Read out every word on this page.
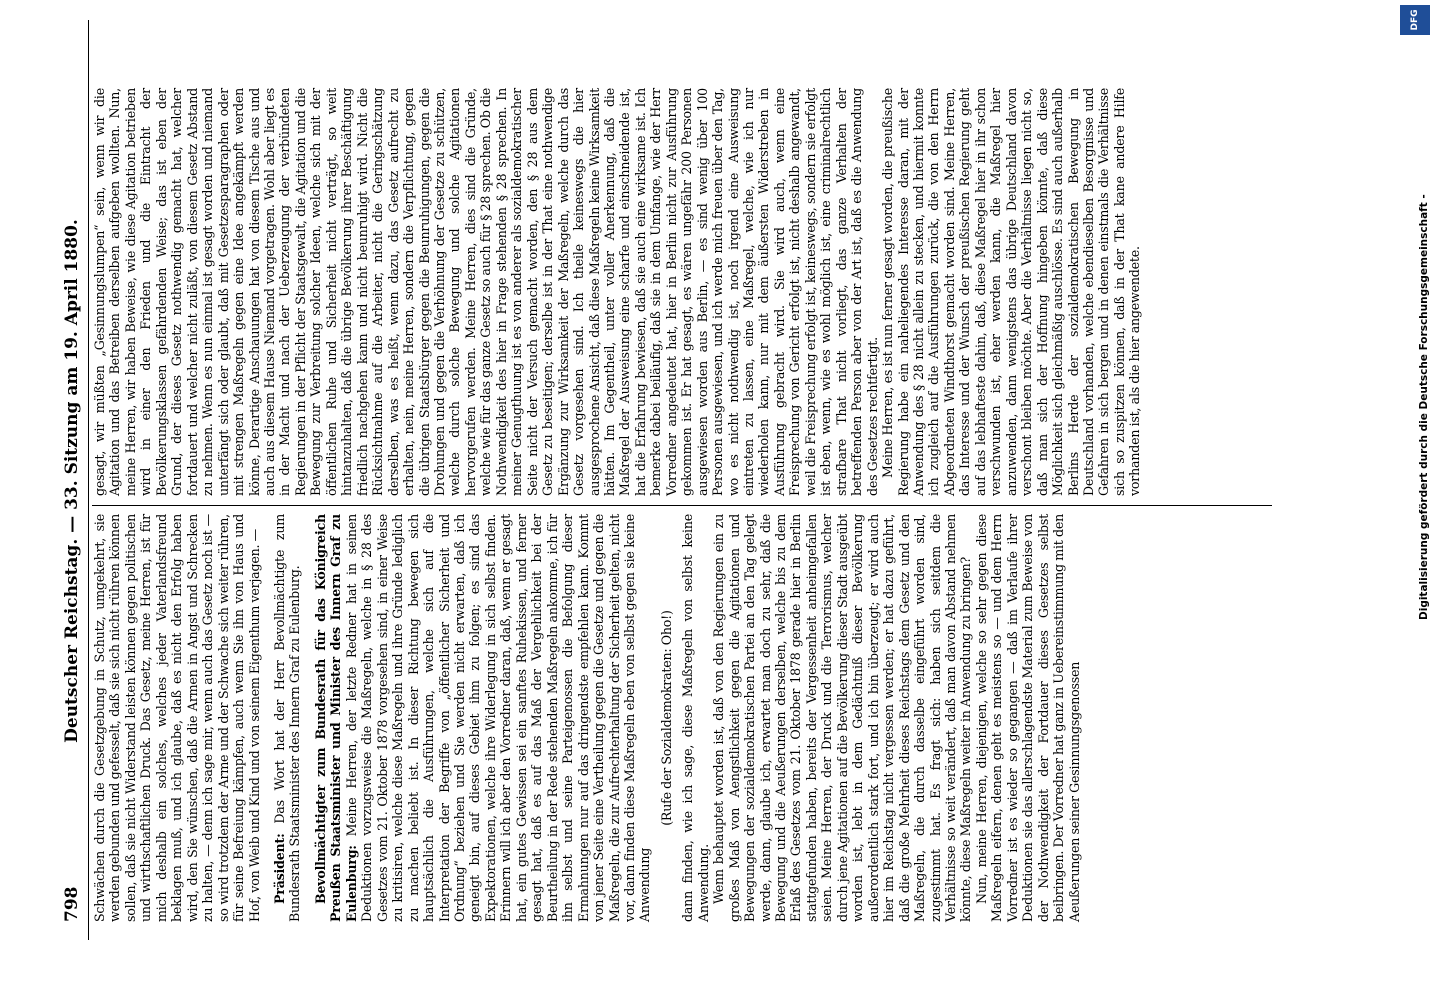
798
Deutscher Reichstag. — 33. Sitzung am 19. April 1880. Schwächen durch die Gesetzgebung in Schutz, umgekehrt, sie werden gebunden und gefesselt, daß sie sich nicht rühren können sollen, daß sie nicht Widerstand leisten können gegen politischen und wirthschaftlichen Druck. Das Gesetz, meine Herren, ist für mich deshalb ein solches, welches jeder Vaterlandsfreund beklagen muß, und ich glaube, daß es nicht den Erfolg haben wird, den Sie wünschen, daß die Armen in Angst und Schrecken zu halten, — denn ich sage mir, wenn auch das Gesetz noch ist — so wird trotzdem der Arme und der Schwache sich weiter rühren, für seine Befreiung kämpfen, auch wenn Sie ihn von Haus und Hof, von Weib und Kind und von seinem Eigenthum verjagen. — Präsident: Das Wort hat der Herr Bevollmächtigte zum Bundesrath Staatsminister des Innern Graf zu Eulenburg. Bevollmächtigter zum Bundesrath für das Königreich Preußen Staatsminister und Minister des Innern Graf zu Eulenburg: Meine Herren, der letzte Redner hat in seinen Deduktionen vorzugsweise die Maßregeln, welche in § 28 des Gesetzes vom 21. Oktober 1878 vorgesehen sind, in einer Weise zu kritisiren, welche diese Maßregeln und ihre Gründe lediglich zu machen beliebt ist. In dieser Richtung bewegen sich hauptsächlich die Ausführungen, welche sich auf die Interpretation der Begriffe von „öffentlicher Sicherheit und Ordnung“ beziehen und Sie werden nicht erwarten, daß ich geneigt bin, auf dieses Gebiet ihm zu folgen; es sind das Expektorationen, welche ihre Widerlegung in sich selbst finden. Erinnern will ich aber den Vorredner daran, daß, wenn er gesagt hat, ein gutes Gewissen sei ein sanftes Ruhekissen, und ferner gesagt hat, daß es auf das Maß der Vergehlichkeit bei der Beurtheilung in der Rede stehenden Maßregeln ankomme, ich für ihn selbst und seine Parteigenossen die Befolgung dieser Ermahnungen nur auf das dringendste empfehlen kann. Kommt von jener Seite eine Vertheilung gegen die Gesetze und gegen die Maßregeln, die zur Aufrechterhaltung der Sicherheit gelten, nicht vor, dann finden diese Maßregeln eben von selbst gegen sie keine Anwendung

(Rufe der Sozialdemokraten: Oho!) dann finden, wie ich sage, diese Maßregeln von selbst keine Anwendung. Wenn behauptet worden ist, daß von den Regierungen ein zu großes Maß von Aengstlichkeit gegen die Agitationen und Bewegungen der sozialdemokratischen Partei an den Tag gelegt werde, dann, glaube ich, erwartet man doch zu sehr, daß die Bewegung und die Aeußerungen derselben, welche bis zu dem Erlaß des Gesetzes vom 21. Oktober 1878 gerade hier in Berlin stattgefunden haben, bereits der Vergessenheit anheimgefallen seien. Meine Herren, der Druck und die Terrorismus, welcher durch jene Agitationen auf die Bevölkerung dieser Stadt ausgeübt worden ist, lebt in dem Gedächtniß dieser Bevölkerung außerordentlich stark fort, und ich bin überzeugt; er wird auch hier im Reichstag nicht vergessen werden; er hat dazu geführt, daß die große Mehrheit dieses Reichstags dem Gesetz und den Maßregeln, die durch dasselbe eingeführt worden sind, zugestimmt hat. Es fragt sich: haben sich seitdem die Verhältnisse so weit verändert, daß man davon Abstand nehmen könnte, diese Maßregeln weiter in Anwendung zu bringen? Nun, meine Herren, diejenigen, welche so sehr gegen diese Maßregeln eifern, denen geht es meistens so — und dem Herrn Vorredner ist es wieder so gegangen — daß im Verlaufe ihrer Deduktionen sie das allerschlagendste Material zum Beweise von der Nothwendigkeit der Fortdauer dieses Gesetzes selbst beibringen. Der Vorredner hat ganz in Uebereinstimmung mit den Aeußerungen seiner Gesinnungsgenossen

gesagt, wir müßten „Gesinnungslumpen“ sein, wenn wir die Agitation und das Betreiben derselben aufgeben wollten. Nun, meine Herren, wir haben Beweise, wie diese Agitation betrieben wird in einer den Frieden und die Eintracht der Bevölkerungsklassen gefährdenden Weise; das ist eben der Grund, der dieses Gesetz nothwendig gemacht hat, welcher fortdauert und welcher nicht zuläßt, von diesem Gesetz Abstand zu nehmen. Wenn es nun einmal ist gesagt worden und niemand unterfängt sich oder glaubt, daß mit Gesetzesparagraphen oder mit strengen Maßregeln gegen eine Idee angekämpft werden könne, Derartige Anschauungen hat von diesem Tische aus und auch aus diesem Hause Niemand vorgetragen. Wohl aber liegt es in der Macht und nach der Ueberzeugung der verbündeten Regierungen in der Pflicht der Staatsgewalt, die Agitation und die Bewegung zur Verbreitung solcher Ideen, welche sich mit der öffentlichen Ruhe und Sicherheit nicht verträgt, so weit hintanzuhalten, daß die übrige Bevölkerung ihrer Beschäftigung friedlich nachgehen kann und nicht beunruhigt wird. Nicht die Rücksichtnahme auf die Arbeiter, nicht die Geringschätzung derselben, was es heißt, wenn dazu, das Gesetz aufrecht zu erhalten, nein, meine Herren, sondern die Verpflichtung, gegen die übrigen Staatsbürger gegen die Beunruhigungen, gegen die Drohungen und gegen die Verhöhnung der Gesetze zu schützen, welche durch solche Bewegung und solche Agitationen hervorgerufen werden. Meine Herren, dies sind die Gründe, welche wie für das ganze Gesetz so auch für § 28 sprechen. Ob die Nothwendigkeit des hier in Frage stehenden § 28 sprechen. In meiner Genugthuung ist es von anderer als sozialdemokratischer Seite nicht der Versuch gemacht worden, den § 28 aus dem Gesetz zu beseitigen; derselbe ist in der That eine nothwendige Ergänzung zur Wirksamkeit der Maßregeln, welche durch das Gesetz vorgesehen sind. Ich theile keineswegs die hier ausgesprochene Ansicht, daß diese Maßregeln keine Wirksamkeit hätten. Im Gegentheil, unter voller Anerkennung, daß die Maßregel der Ausweisung eine scharfe und einschneidende ist, hat die Erfahrung bewiesen, daß sie auch eine wirksame ist. Ich bemerke dabei beiläufig, daß sie in dem Umfange, wie der Herr Vorredner angedeutet hat, hier in Berlin nicht zur Ausführung gekommen ist. Er hat gesagt, es wären ungefähr 200 Personen ausgewiesen worden aus Berlin, — es sind wenig über 100 Personen ausgewiesen, und ich werde mich freuen über den Tag, wo es nicht nothwendig ist, noch irgend eine Ausweisung eintreten zu lassen, eine Maßregel, welche, wie ich nur wiederholen kann, nur mit dem äußersten Widerstreben in Ausführung gebracht wird. Sie wird auch, wenn eine Freisprechung von Gericht erfolgt ist, nicht deshalb angewandt, weil die Freisprechung erfolgt ist, keineswegs, sondern sie erfolgt ist eben, wenn, wie es wohl möglich ist, eine criminalrechtlich strafbare That nicht vorliegt, das ganze Verhalten der betreffenden Person aber von der Art ist, daß es die Anwendung des Gesetzes rechtfertigt. Meine Herren, es ist nun ferner gesagt worden, die preußische Regierung habe ein naheliegendes Interesse daran, mit der Anwendung des § 28 nicht allein zu stecken, und hiermit konnte ich zugleich auf die Ausführungen zurück, die von den Herrn Abgeordneten Windthorst gemacht worden sind. Meine Herren, das Interesse und der Wunsch der preußischen Regierung geht auf das lebhafteste dahin, daß, diese Maßregel hier in ihr schon verschwunden ist, eher werden kann, die Maßregel hier anzuwenden, dann wenigstens das übrige Deutschland davon verschont bleiben möchte. Aber die Verhältnisse liegen nicht so, daß man sich der Hoffnung hingeben könnte, daß diese Möglichkeit sich gleichmäßig auschlösse. Es sind auch außerhalb Berlins Herde der sozialdemokratischen Bewegung in Deutschland vorhanden, welche ebendieselben Besorgnisse und Gefahren in sich bergen und in denen einstmals die Verhältnisse sich so zuspitzen können, daß in der That kane andere Hilfe vorhanden ist, als die hier angewendete.	Digitalisierung gefördert durch die Deutsche Forschungsgemeinschaft -
DFG
